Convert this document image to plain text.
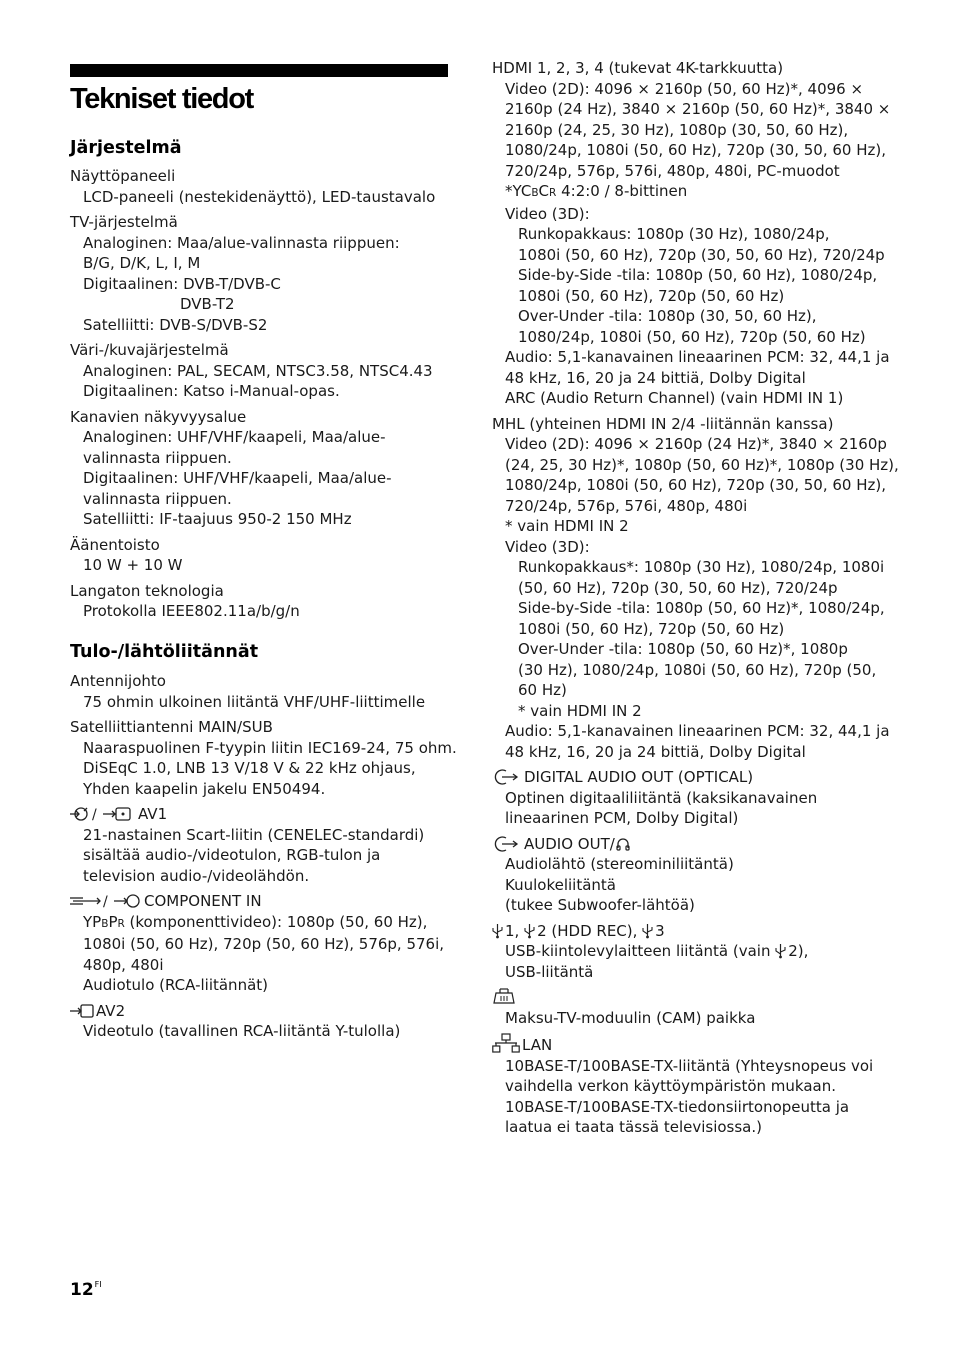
Tekniset tiedot
Järjestelmä

Näyttöpaneeli

LCD-paneeli (nestekidenäyttö), LED-taustavalo

TV-järjestelmä

Analoginen: Maa/alue-valinnasta riippuen:

B/G, D/K, L, I, M

Digitaalinen: DVB-T/DVB-C

DVB-T2

Satelliitti: DVB-S/DVB-S2

Väri-/kuvajärjestelmä

Analoginen: PAL, SECAM, NTSC3.58, NTSC4.43

Digitaalinen: Katso i-Manual-opas.

Kanavien näkyvyysalue

Analoginen: UHF/VHF/kaapeli, Maa/alue-

valinnasta riippuen.

Digitaalinen: UHF/VHF/kaapeli, Maa/alue-

valinnasta riippuen.

Satelliitti: IF-taajuus 950-2 150 MHz

Äänentoisto

10 W + 10 W

Langaton teknologia

Protokolla IEEE802.11a/b/g/n

Tulo-/lähtöliitännät

Antennijohto

75 ohmin ulkoinen liitäntä VHF/UHF-liittimelle

Satelliittiantenni MAIN/SUB

Naaraspuolinen F-tyypin liitin IEC169-24, 75 ohm.

DiSEqC 1.0, LNB 13 V/18 V & 22 kHz ohjaus,

Yhden kaapelin jakelu EN50494.

/	AV1

21-nastainen Scart-liitin (CENELEC-standardi)

sisältää audio-/videotulon, RGB-tulon ja

television audio-/videolähdön.

/ COMPONENT IN

YPBPR (komponenttivideo): 1080p (50, 60 Hz),

1080i (50, 60 Hz), 720p (50, 60 Hz), 576p, 576i,

480p, 480i

Audiotulo (RCA-liitännät)

AV2

Videotulo (tavallinen RCA-liitäntä Y-tulolla)

HDMI 1, 2, 3, 4 (tukevat 4K-tarkkuutta)

Video (2D): 4096 × 2160p (50, 60 Hz)*, 4096 ×

2160p (24 Hz), 3840 × 2160p (50, 60 Hz)*, 3840 ×

2160p (24, 25, 30 Hz), 1080p (30, 50, 60 Hz),

1080/24p, 1080i (50, 60 Hz), 720p (30, 50, 60 Hz),

720/24p, 576p, 576i, 480p, 480i, PC-muodot

*YCBCR 4:2:0 / 8-bittinen

Video (3D):

Runkopakkaus: 1080p (30 Hz), 1080/24p,

1080i (50, 60 Hz), 720p (30, 50, 60 Hz), 720/24p

Side-by-Side -tila: 1080p (50, 60 Hz), 1080/24p,

1080i (50, 60 Hz), 720p (50, 60 Hz)

Over-Under -tila: 1080p (30, 50, 60 Hz),

1080/24p, 1080i (50, 60 Hz), 720p (50, 60 Hz)

Audio: 5,1-kanavainen lineaarinen PCM: 32, 44,1 ja

48 kHz, 16, 20 ja 24 bittiä, Dolby Digital

ARC (Audio Return Channel) (vain HDMI IN 1)

MHL (yhteinen HDMI IN 2/4 -liitännän kanssa)

Video (2D): 4096 × 2160p (24 Hz)*, 3840 × 2160p

(24, 25, 30 Hz)*, 1080p (50, 60 Hz)*, 1080p (30 Hz),

1080/24p, 1080i (50, 60 Hz), 720p (30, 50, 60 Hz),

720/24p, 576p, 576i, 480p, 480i

* vain HDMI IN 2

Video (3D):

Runkopakkaus*: 1080p (30 Hz), 1080/24p, 1080i

(50, 60 Hz), 720p (30, 50, 60 Hz), 720/24p

Side-by-Side -tila: 1080p (50, 60 Hz)*, 1080/24p,

1080i (50, 60 Hz), 720p (50, 60 Hz)

Over-Under -tila: 1080p (50, 60 Hz)*, 1080p

(30 Hz), 1080/24p, 1080i (50, 60 Hz), 720p (50,

60 Hz)

* vain HDMI IN 2

Audio: 5,1-kanavainen lineaarinen PCM: 32, 44,1 ja

48 kHz, 16, 20 ja 24 bittiä, Dolby Digital

DIGITAL AUDIO OUT (OPTICAL)

Optinen digitaaliliitäntä (kaksikanavainen

lineaarinen PCM, Dolby Digital)

AUDIO OUT/

Audiolähtö (stereominiliitäntä)

Kuulokeliitäntä

(tukee Subwoofer-lähtöä)

1, 2 (HDD REC), 3

USB-kiintolevylaitteen liitäntä (vain 2),

USB-liitäntä

Maksu-TV-moduulin (CAM) paikka

LAN

10BASE-T/100BASE-TX-liitäntä (Yhteysnopeus voi

vaihdella verkon käyttöympäristön mukaan.

10BASE-T/100BASE-TX-tiedonsiirtonopeutta ja

laatua ei taata tässä televisiossa.)

$12^{FI}$
